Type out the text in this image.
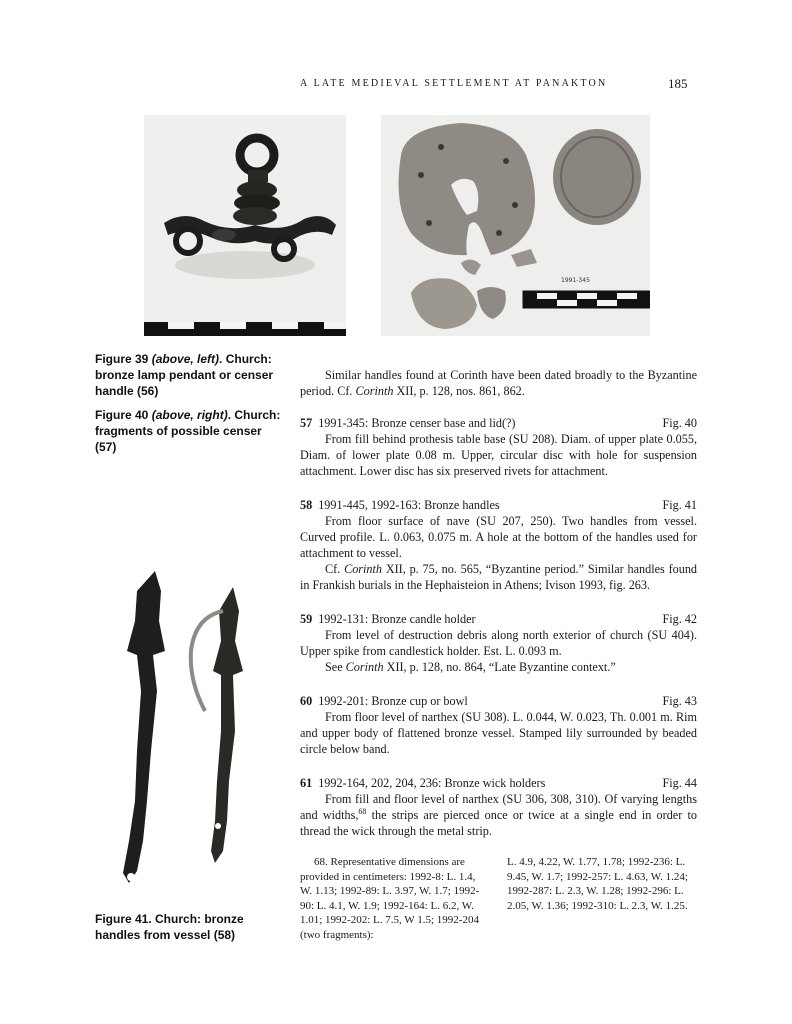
A LATE MEDIEVAL SETTLEMENT AT PANAKTON	185
1991-345
Figure 39 (above, left). Church: bronze lamp pendant or censer handle (56)
Figure 40 (above, right). Church: fragments of possible censer (57)
Figure 41. Church: bronze handles from vessel (58)

Similar handles found at Corinth have been dated broadly to the Byzantine period. Cf. Corinth XII, p. 128, nos. 861, 862.

57 1991-345: Bronze censer base and lid(?)	Fig. 40

From fill behind prothesis table base (SU 208). Diam. of upper plate 0.055, Diam. of lower plate 0.08 m. Upper, circular disc with hole for suspension attachment. Lower disc has six preserved rivets for attachment.

58 1991-445, 1992-163: Bronze handles	Fig. 41

From floor surface of nave (SU 207, 250). Two handles from vessel. Curved profile. L. 0.063, 0.075 m. A hole at the bottom of the handles used for attachment to vessel.

Cf. Corinth XII, p. 75, no. 565, “Byzantine period.” Similar handles found in Frankish burials in the Hephaisteion in Athens; Ivison 1993, fig. 263.

59 1992-131: Bronze candle holder	Fig. 42

From level of destruction debris along north exterior of church (SU 404). Upper spike from candlestick holder. Est. L. 0.093 m.

See Corinth XII, p. 128, no. 864, “Late Byzantine context.”

60 1992-201: Bronze cup or bowl	Fig. 43

From floor level of narthex (SU 308). L. 0.044, W. 0.023, Th. 0.001 m. Rim and upper body of flattened bronze vessel. Stamped lily surrounded by beaded circle below band.

61 1992-164, 202, 204, 236: Bronze wick holders	Fig. 44

From fill and floor level of narthex (SU 306, 308, 310). Of varying lengths and widths,$^{68}$ the strips are pierced once or twice at a single end in order to thread the wick through the metal strip.

68. Representative dimensions are provided in centimeters: 1992-8: L. 1.4, W. 1.13; 1992-89: L. 3.97, W. 1.7; 1992-90: L. 4.1, W. 1.9; 1992-164: L. 6.2, W. 1.01; 1992-202: L. 7.5, W 1.5; 1992-204 (two fragments):

L. 4.9, 4.22, W. 1.77, 1.78; 1992-236: L. 9.45, W. 1.7; 1992-257: L. 4.63, W. 1.24; 1992-287: L. 2.3, W. 1.28; 1992-296: L. 2.05, W. 1.36; 1992-310: L. 2.3, W. 1.25.
